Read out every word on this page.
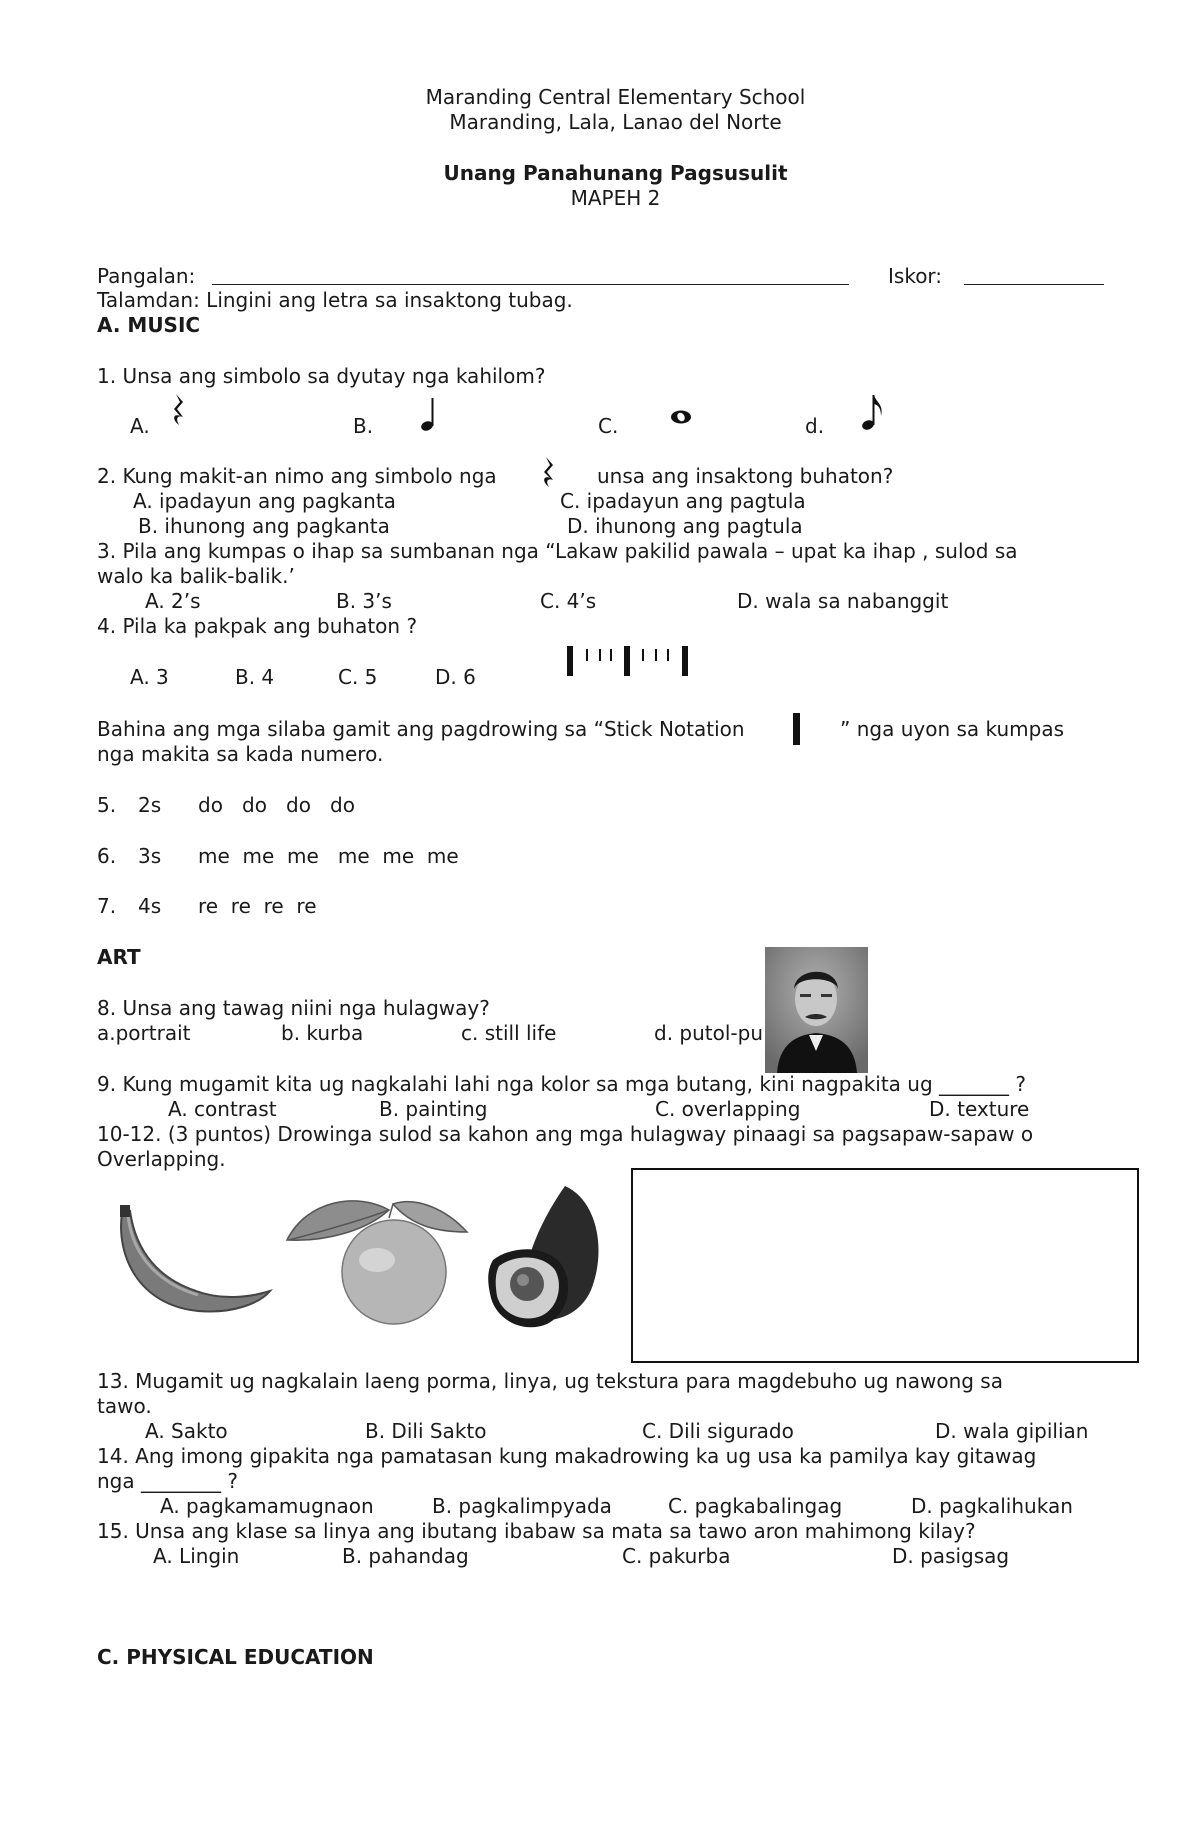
Maranding Central Elementary School
Maranding, Lala, Lanao del Norte
Unang Panahunang Pagsusulit
MAPEH 2
Pangalan:	Iskor:
Talamdan: Lingini ang letra sa insaktong tubag.
A. MUSIC
1. Unsa ang simbolo sa dyutay nga kahilom?
A.	B.	C.	d.
2. Kung makit-an nimo ang simbolo nga	unsa ang insaktong buhaton?
A. ipadayun ang pagkanta	C. ipadayun ang pagtula
B. ihunong ang pagkanta	D. ihunong ang pagtula
3. Pila ang kumpas o ihap sa sumbanan nga “Lakaw pakilid pawala – upat ka ihap , sulod sa
walo ka balik-balik.’
A. 2’s	B. 3’s	C. 4’s	D. wala sa nabanggit
4. Pila ka pakpak ang buhaton ?
A. 3	B. 4	C. 5	D. 6
Bahina ang mga silaba gamit ang pagdrowing sa “Stick Notation	” nga uyon sa kumpas
nga makita sa kada numero.
5. 2s do   do   do   do
6. 3s me  me  me   me  me  me
7. 4s re  re  re  re
ART
8. Unsa ang tawag niini nga hulagway?
a.portrait	b. kurba	c. still life	d. putol-pu
9. Kung mugamit kita ug nagkalahi lahi nga kolor sa mga butang, kini nagpakita ug _______ ?
A. contrast	B. painting	C. overlapping	D. texture
10-12. (3 puntos) Drowinga sulod sa kahon ang mga hulagway pinaagi sa pagsapaw-sapaw o
Overlapping.
13. Mugamit ug nagkalain laeng porma, linya, ug tekstura para magdebuho ug nawong sa
tawo.
A. Sakto	B. Dili Sakto	C. Dili sigurado	D. wala gipilian
14. Ang imong gipakita nga pamatasan kung makadrowing ka ug usa ka pamilya kay gitawag
nga ________ ?
A. pagkamamugnaon	B. pagkalimpyada	C. pagkabalingag	D. pagkalihukan
15. Unsa ang klase sa linya ang ibutang ibabaw sa mata sa tawo aron mahimong kilay?
A. Lingin	B. pahandag	C. pakurba	D. pasigsag
C. PHYSICAL EDUCATION
